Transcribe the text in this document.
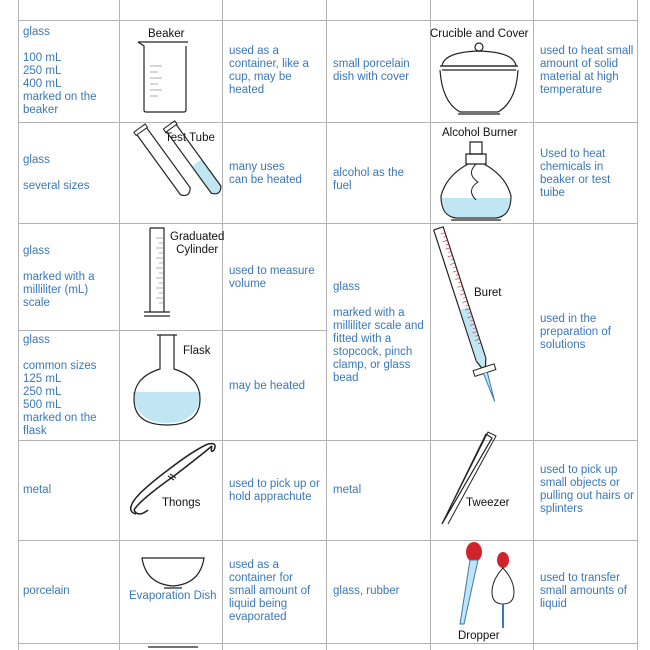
glass
100 mL
250 mL
400 mL
marked on the beaker
Beaker
used as a container, like a cup, may be heated
small porcelain dish with cover
Crucible and Cover
used to heat small amount of solid material at high temperature
glass
several sizes
Test Tube
many uses
can be heated
alcohol as the fuel
Alcohol Burner
Used to heat chemicals in beaker or test tuibe
glass
marked with a milliliter (mL) scale
Graduated
Cylinder
used to measure volume	glass
marked with a milliliter scale and fitted with a stopcock, pinch clamp, or glass bead
Buret
used in the preparation of solutions
glass
common sizes
125 mL
250 mL
500 mL
marked on the flask
Flask
may be heated
metal
Thongs
used to pick up or hold apprachute
metal
Tweezer
used to pick up small objects or pulling out hairs or splinters
porcelain	Evaporation Dish
used as a container for small amount of liquid being evaporated
glass, rubber
Dropper
used to transfer small amounts of liquid
